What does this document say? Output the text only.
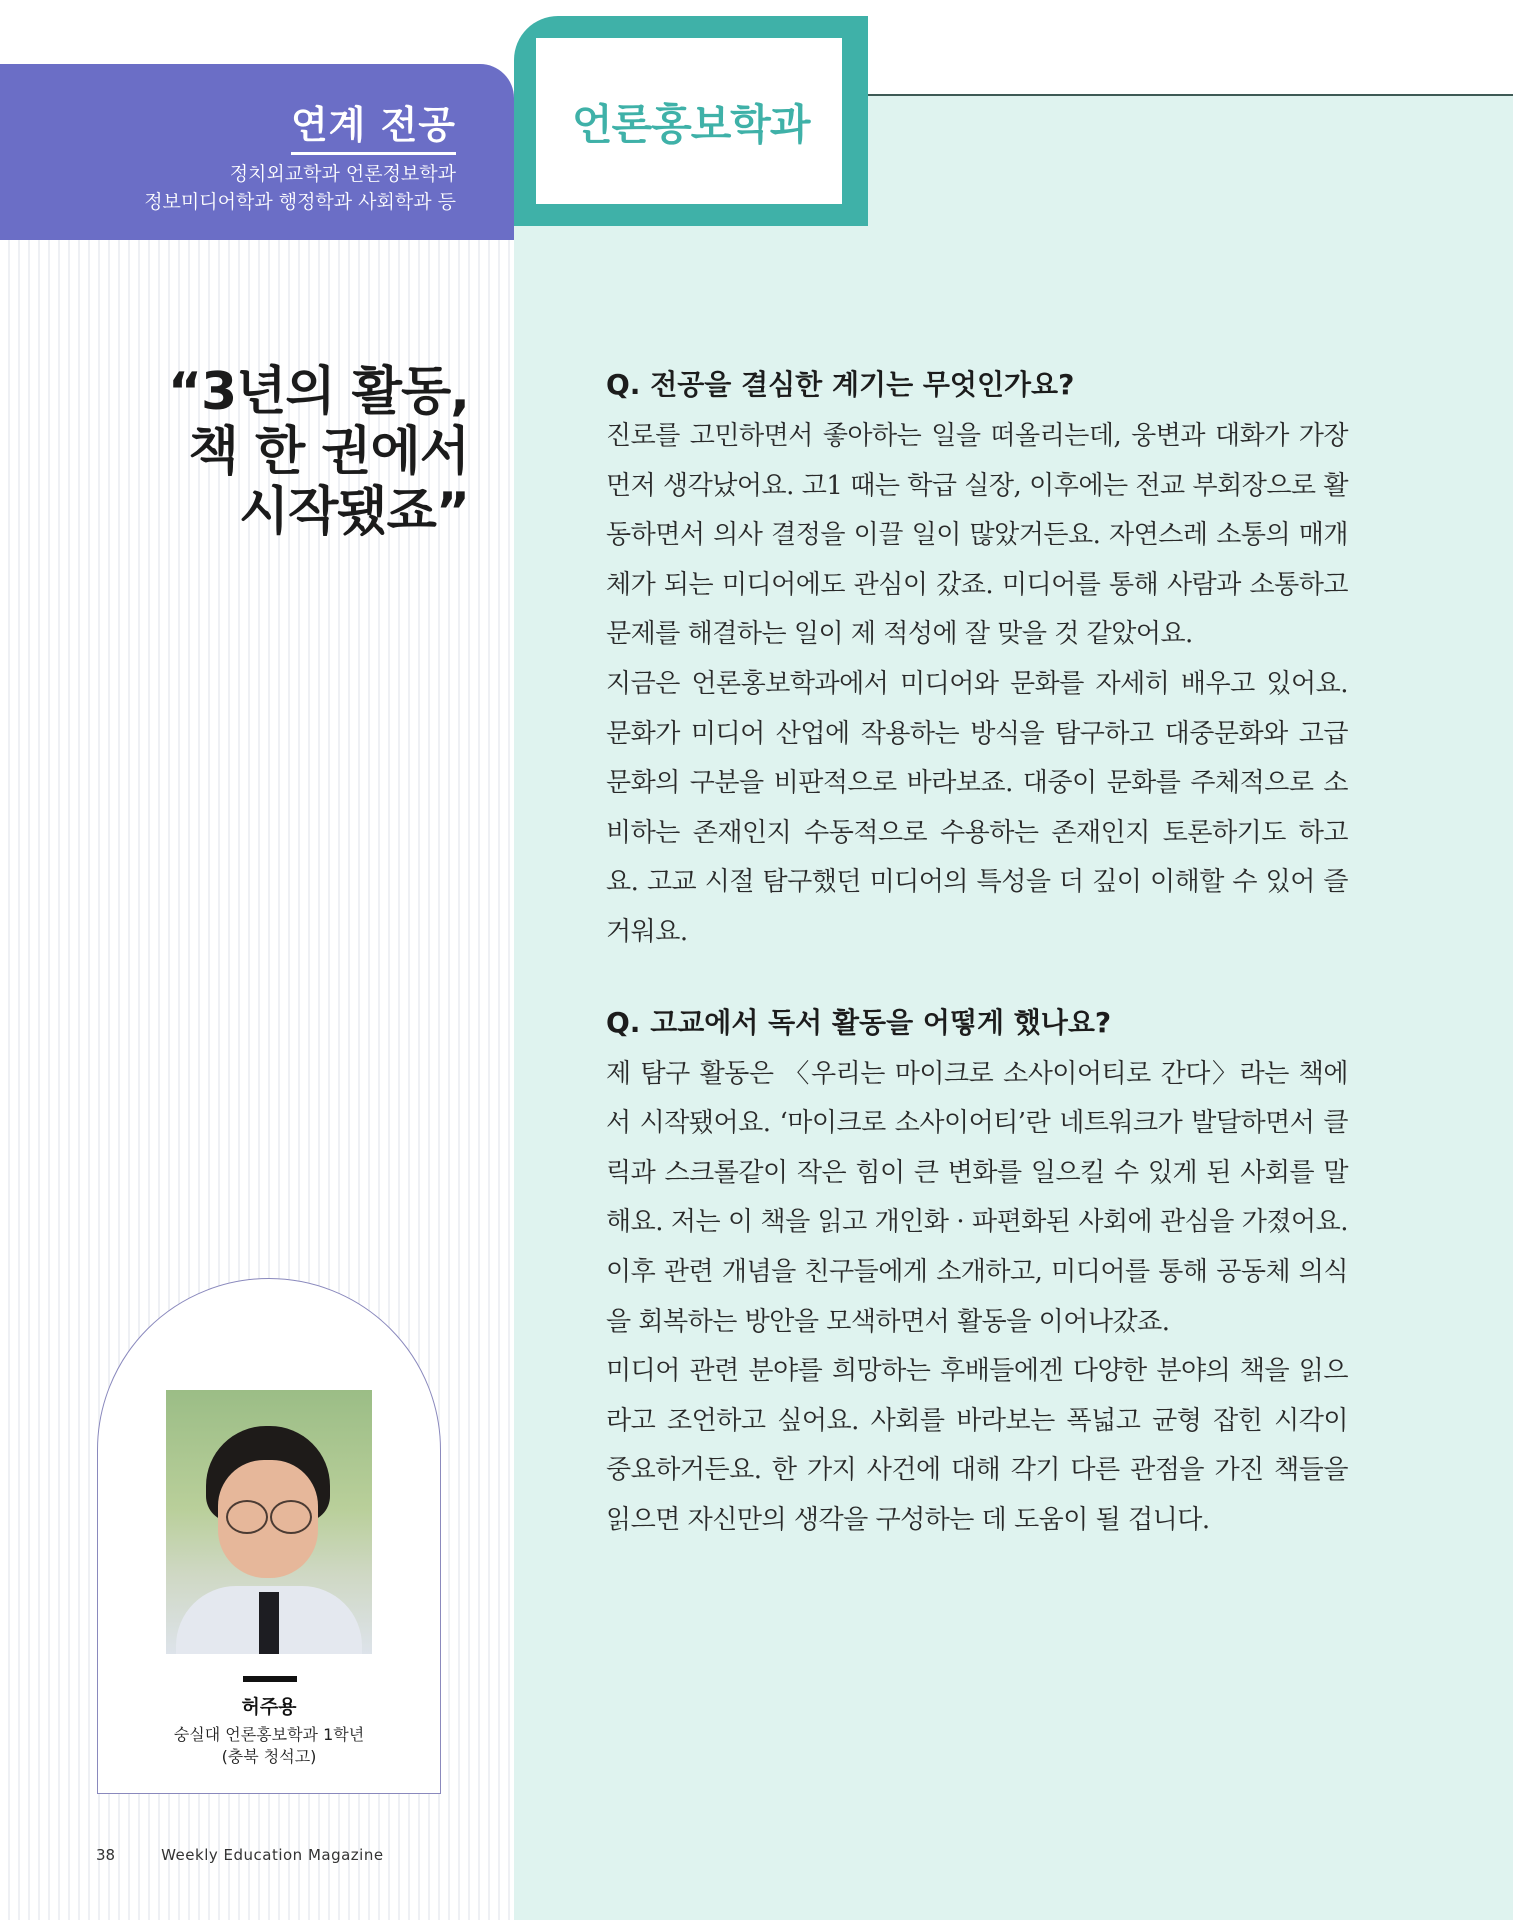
연계 전공
정치외교학과 언론정보학과
정보미디어학과 행정학과 사회학과 등
언론홍보학과
“3년의 활동,
책 한 권에서
시작됐죠”
허주용
숭실대 언론홍보학과 1학년
(충북 청석고)
38	Weekly Education Magazine
Q. 전공을 결심한 계기는 무엇인가요?

진로를 고민하면서 좋아하는 일을 떠올리는데, 웅변과 대화가 가장 먼저 생각났어요. 고1 때는 학급 실장, 이후에는 전교 부회장으로 활동하면서 의사 결정을 이끌 일이 많았거든요. 자연스레 소통의 매개체가 되는 미디어에도 관심이 갔죠. 미디어를 통해 사람과 소통하고 문제를 해결하는 일이 제 적성에 잘 맞을 것 같았어요.

지금은 언론홍보학과에서 미디어와 문화를 자세히 배우고 있어요. 문화가 미디어 산업에 작용하는 방식을 탐구하고 대중문화와 고급문화의 구분을 비판적으로 바라보죠. 대중이 문화를 주체적으로 소비하는 존재인지 수동적으로 수용하는 존재인지 토론하기도 하고요. 고교 시절 탐구했던 미디어의 특성을 더 깊이 이해할 수 있어 즐거워요.

Q. 고교에서 독서 활동을 어떻게 했나요?

제 탐구 활동은 〈우리는 마이크로 소사이어티로 간다〉라는 책에서 시작됐어요. ‘마이크로 소사이어티’란 네트워크가 발달하면서 클릭과 스크롤같이 작은 힘이 큰 변화를 일으킬 수 있게 된 사회를 말해요. 저는 이 책을 읽고 개인화 · 파편화된 사회에 관심을 가졌어요. 이후 관련 개념을 친구들에게 소개하고, 미디어를 통해 공동체 의식을 회복하는 방안을 모색하면서 활동을 이어나갔죠.

미디어 관련 분야를 희망하는 후배들에겐 다양한 분야의 책을 읽으라고 조언하고 싶어요. 사회를 바라보는 폭넓고 균형 잡힌 시각이 중요하거든요. 한 가지 사건에 대해 각기 다른 관점을 가진 책들을 읽으면 자신만의 생각을 구성하는 데 도움이 될 겁니다.
